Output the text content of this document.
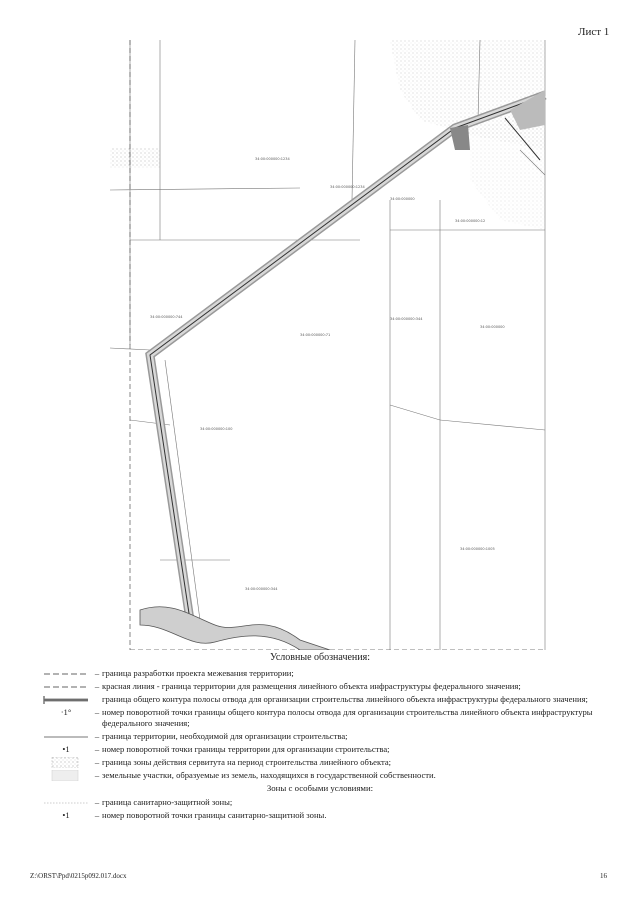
Лист 1
34:00:000000:1234
34:00:000000:1234
34:00:000000
34:00:000000:12
34:00:000000:344
34:00:000000
34:00:000000:71
34:00:000000:744
34:00:000000:100
34:00:000000:1005
34:00:000000:344
Условные обозначения:
– граница разработки проекта межевания территории;
– красная линия - граница территории для размещения линейного объекта инфраструктуры федерального значения;
граница общего контура полосы отвода для организации строительства линейного объекта инфраструктуры федерального значения;
·1°	– номер поворотной точки границы общего контура полосы отвода для организации строительства линейного объекта инфраструктуры федерального значения;
– граница территории, необходимой для организации строительства;
•1	– номер поворотной точки границы территории для организации строительства;
– граница зоны действия сервитута на период строительства линейного объекта;
– земельные участки, образуемые из земель, находящихся в государственной собственности.
Зоны с особыми условиями:
– граница санитарно-защитной зоны;
•1	– номер поворотной точки границы санитарно-защитной зоны.
Z:\ORST\Ppd\0215p092.017.docx	16
